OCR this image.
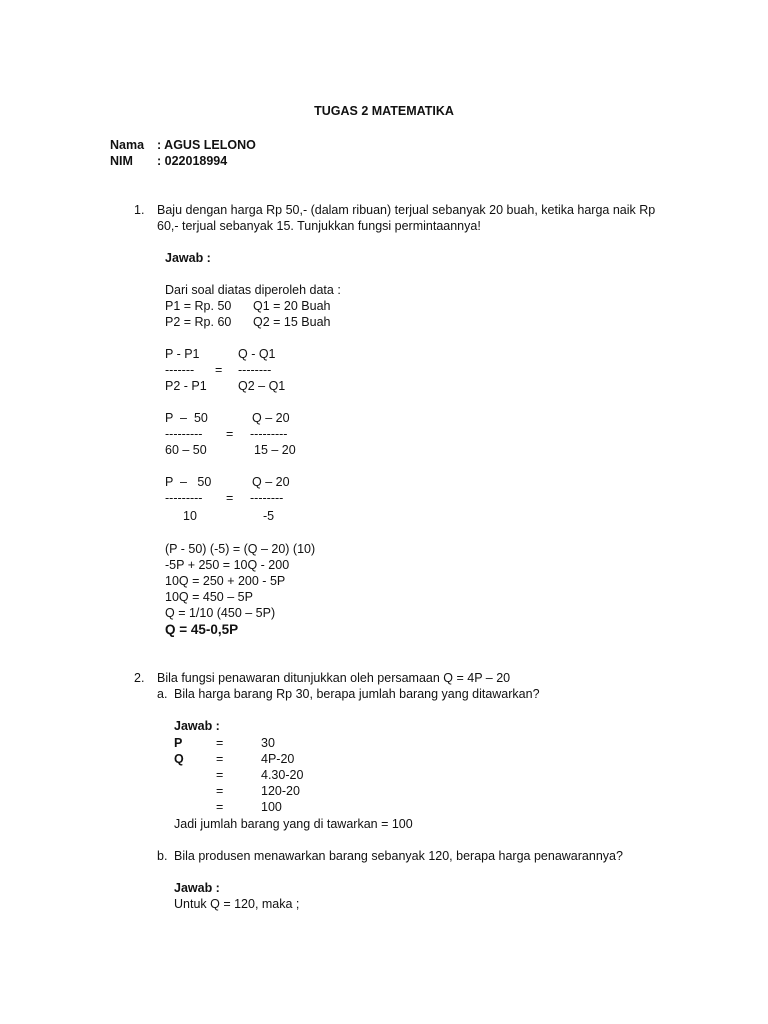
TUGAS 2 MATEMATIKA
Nama : AGUS LELONO
NIM : 022018994
1. Baju dengan harga Rp 50,- (dalam ribuan) terjual sebanyak 20 buah, ketika harga naik Rp
60,- terjual sebanyak 15. Tunjukkan fungsi permintaannya!
Jawab :
Dari soal diatas diperoleh data :
P1 = Rp. 50 Q1 = 20 Buah
P2 = Rp. 60 Q2 = 15 Buah
P - P1	Q - Q1
------- = --------
P2 - P1	Q2 – Q1
P  –  50	Q – 20
--------- = ---------
60 – 50	15 – 20
P  –   50	Q – 20
--------- = --------
10	-5
(P - 50) (-5) = (Q – 20) (10)
-5P + 250 = 10Q - 200
10Q = 250 + 200 - 5P
10Q = 450 – 5P
Q = 1/10 (450 – 5P)
Q = 45-0,5P
2. Bila fungsi penawaran ditunjukkan oleh persamaan Q = 4P – 20
a. Bila harga barang Rp 30, berapa jumlah barang yang ditawarkan?
Jawab :
P	=	30
Q	=	4P-20
=	4.30-20
=	120-20
=	100
Jadi jumlah barang yang di tawarkan = 100
b. Bila produsen menawarkan barang sebanyak 120, berapa harga penawarannya?
Jawab :
Untuk Q = 120, maka ;
